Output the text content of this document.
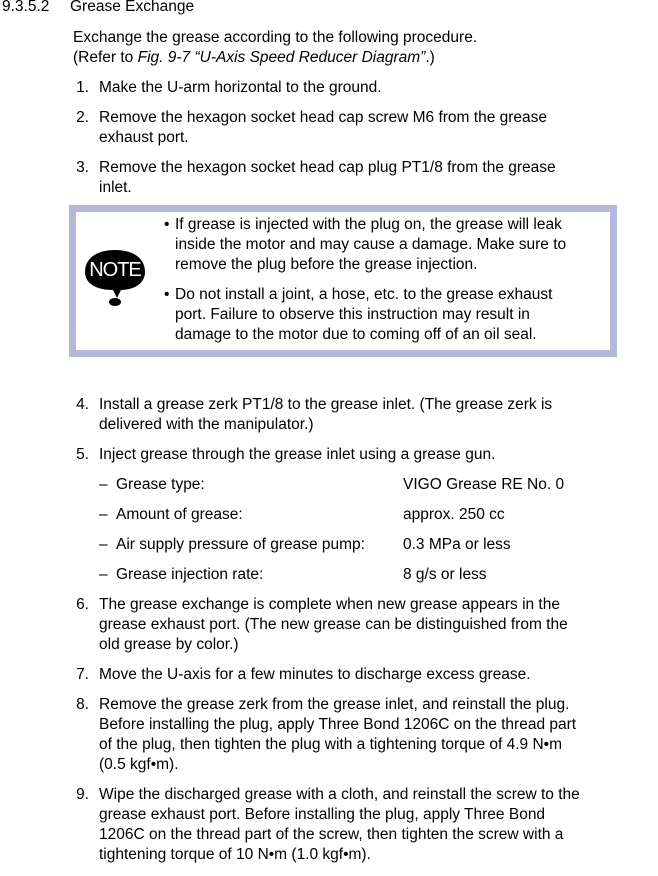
9.3.5.2 Grease Exchange
Exchange the grease according to the following procedure.
(Refer to Fig. 9-7 “U-Axis Speed Reducer Diagram”.)
1. Make the U-arm horizontal to the ground.
2. Remove the hexagon socket head cap screw M6 from the grease
exhaust port.
3. Remove the hexagon socket head cap plug PT1/8 from the grease
inlet.
NOTE
• If grease is injected with the plug on, the grease will leak
inside the motor and may cause a damage. Make sure to
remove the plug before the grease injection.
• Do not install a joint, a hose, etc. to the grease exhaust
port. Failure to observe this instruction may result in
damage to the motor due to coming off of an oil seal.
4. Install a grease zerk PT1/8 to the grease inlet. (The grease zerk is
delivered with the manipulator.)
5. Inject grease through the grease inlet using a grease gun.
– Grease type:	VIGO Grease RE No. 0
– Amount of grease:	approx. 250 cc
– Air supply pressure of grease pump: 0.3 MPa or less
– Grease injection rate:	8 g/s or less
6. The grease exchange is complete when new grease appears in the
grease exhaust port. (The new grease can be distinguished from the
old grease by color.)
7. Move the U-axis for a few minutes to discharge excess grease.
8. Remove the grease zerk from the grease inlet, and reinstall the plug.
Before installing the plug, apply Three Bond 1206C on the thread part
of the plug, then tighten the plug with a tightening torque of 4.9 N•m
(0.5 kgf•m).
9. Wipe the discharged grease with a cloth, and reinstall the screw to the
grease exhaust port. Before installing the plug, apply Three Bond
1206C on the thread part of the screw, then tighten the screw with a
tightening torque of 10 N•m (1.0 kgf•m).
